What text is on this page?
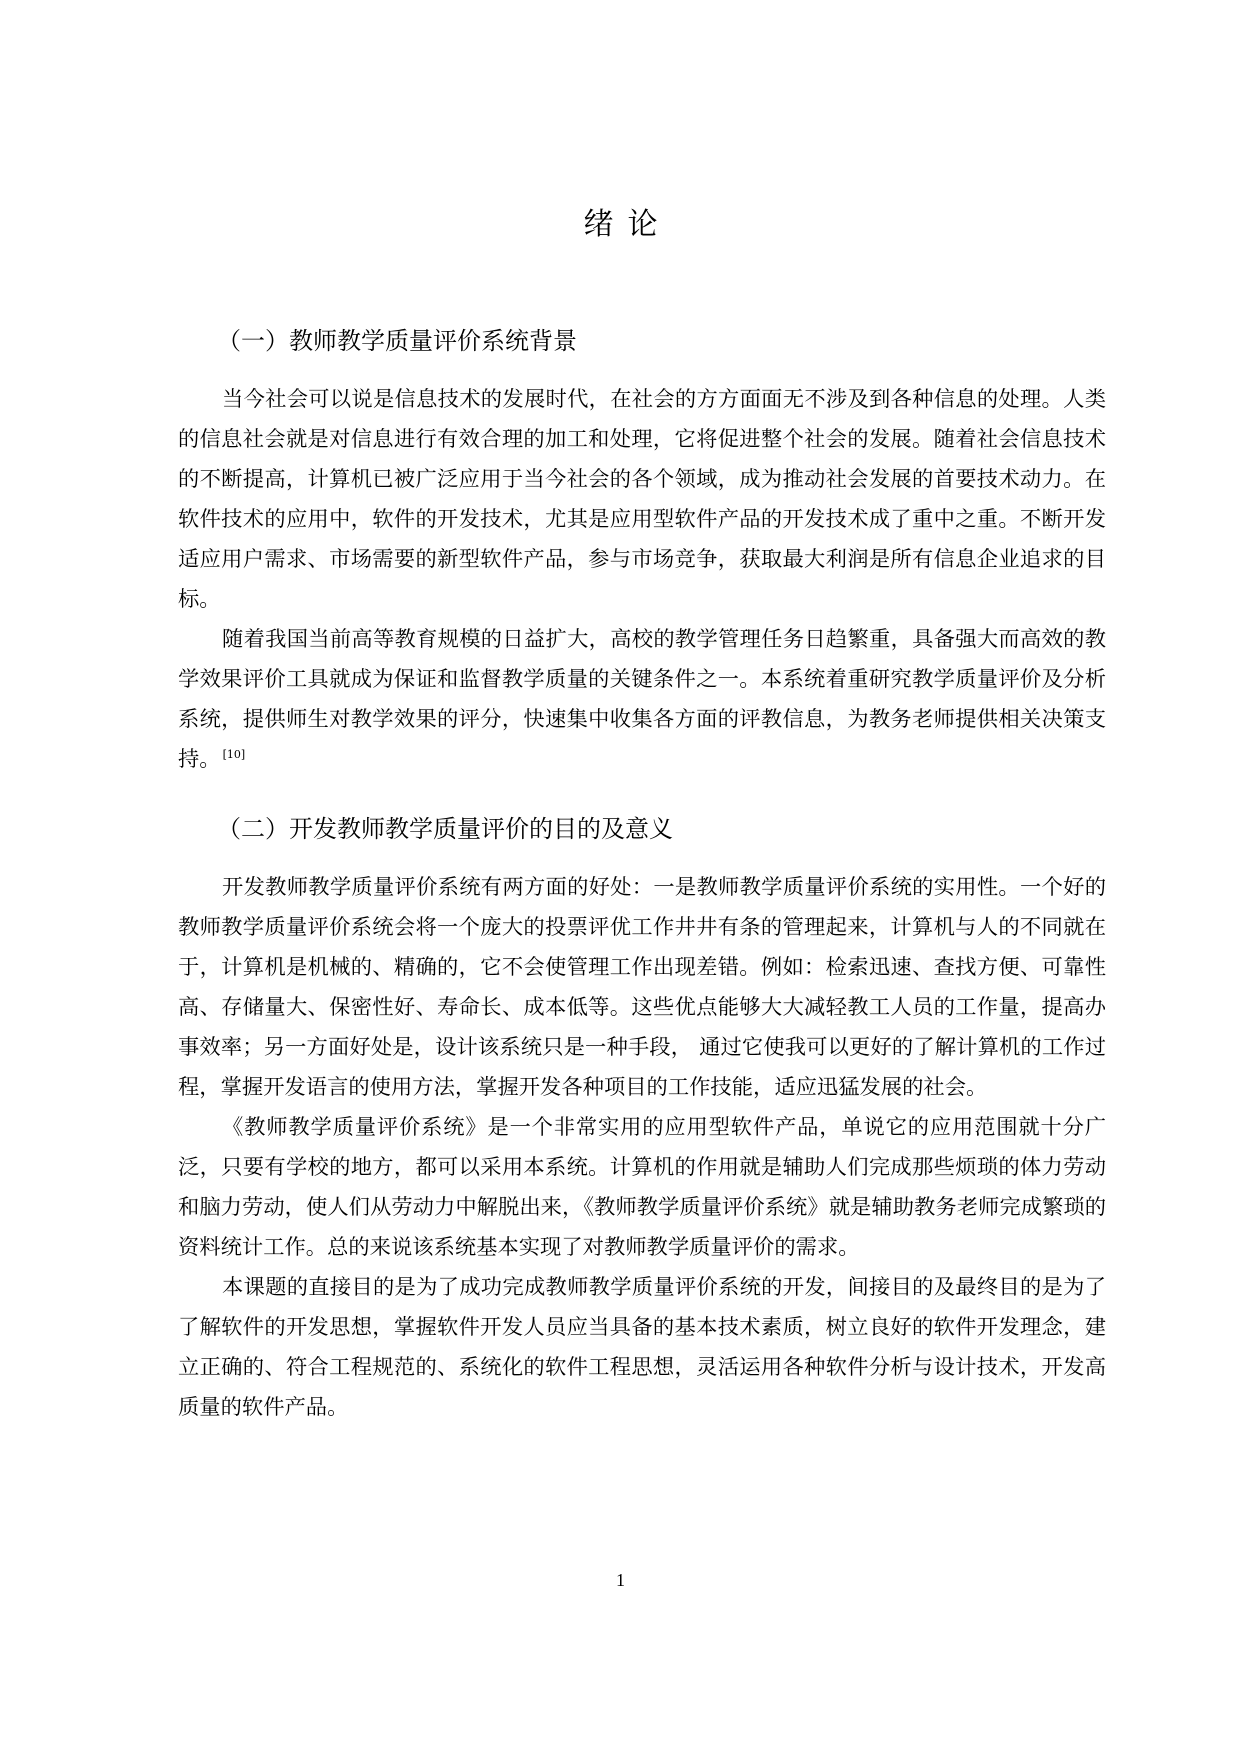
绪论
（一）教师教学质量评价系统背景

当今社会可以说是信息技术的发展时代，在社会的方方面面无不涉及到各种信息的处理。人类的信息社会就是对信息进行有效合理的加工和处理，它将促进整个社会的发展。随着社会信息技术的不断提高，计算机已被广泛应用于当今社会的各个领域，成为推动社会发展的首要技术动力。在软件技术的应用中，软件的开发技术，尤其是应用型软件产品的开发技术成了重中之重。不断开发适应用户需求、市场需要的新型软件产品，参与市场竞争，获取最大利润是所有信息企业追求的目标。

随着我国当前高等教育规模的日益扩大，高校的教学管理任务日趋繁重，具备强大而高效的教学效果评价工具就成为保证和监督教学质量的关键条件之一。本系统着重研究教学质量评价及分析系统，提供师生对教学效果的评分，快速集中收集各方面的评教信息，为教务老师提供相关决策支持。 [10]

（二）开发教师教学质量评价的目的及意义

开发教师教学质量评价系统有两方面的好处：一是教师教学质量评价系统的实用性。一个好的教师教学质量评价系统会将一个庞大的投票评优工作井井有条的管理起来，计算机与人的不同就在于，计算机是机械的、精确的，它不会使管理工作出现差错。例如：检索迅速、查找方便、可靠性高、存储量大、保密性好、寿命长、成本低等。这些优点能够大大减轻教工人员的工作量，提高办事效率；另一方面好处是，设计该系统只是一种手段， 通过它使我可以更好的了解计算机的工作过程，掌握开发语言的使用方法，掌握开发各种项目的工作技能，适应迅猛发展的社会。

《教师教学质量评价系统》是一个非常实用的应用型软件产品，单说它的应用范围就十分广泛，只要有学校的地方，都可以采用本系统。计算机的作用就是辅助人们完成那些烦琐的体力劳动和脑力劳动，使人们从劳动力中解脱出来，《教师教学质量评价系统》就是辅助教务老师完成繁琐的资料统计工作。总的来说该系统基本实现了对教师教学质量评价的需求。

本课题的直接目的是为了成功完成教师教学质量评价系统的开发，间接目的及最终目的是为了了解软件的开发思想，掌握软件开发人员应当具备的基本技术素质，树立良好的软件开发理念，建立正确的、符合工程规范的、系统化的软件工程思想，灵活运用各种软件分析与设计技术，开发高质量的软件产品。

1
